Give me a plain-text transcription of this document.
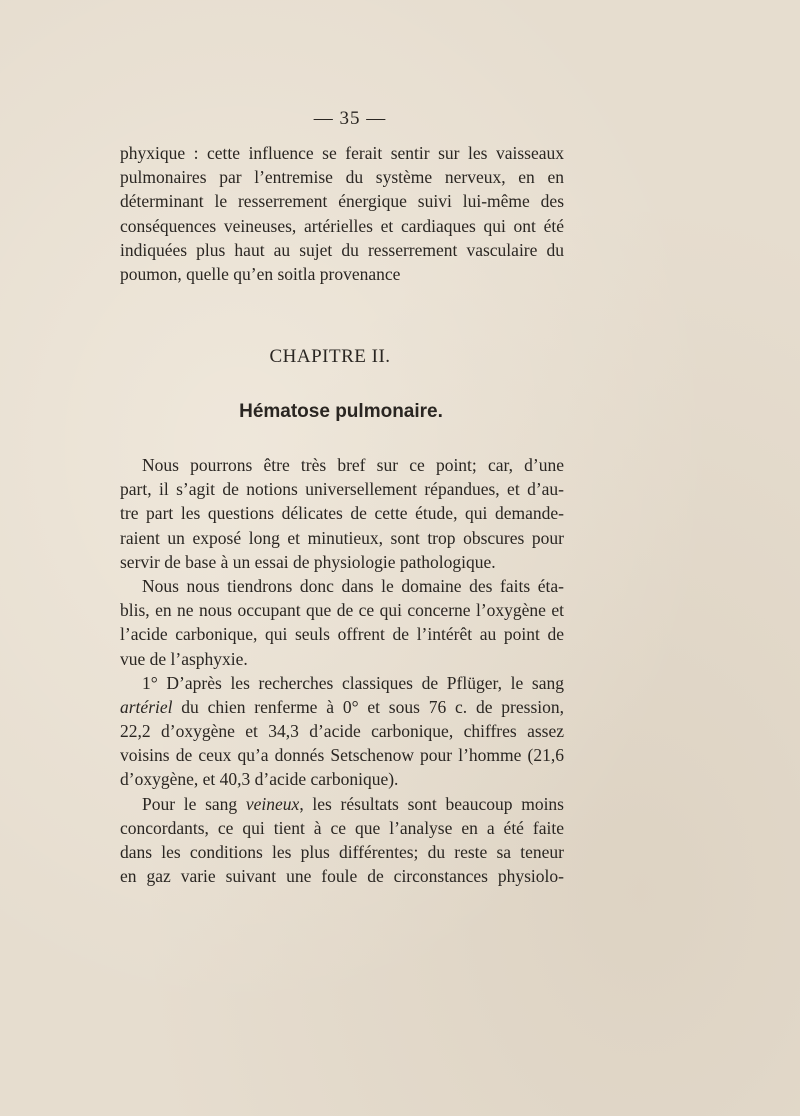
— 35 —
phyxique : cette influence se ferait sentir sur les vaisseaux
pulmonaires par l’entremise du système nerveux, en en
déterminant le resserrement énergique suivi lui-même des
conséquences veineuses, artérielles et cardiaques qui ont été
indiquées plus haut au sujet du resserrement vasculaire du
poumon, quelle qu’en soitla provenance
CHAPITRE II.
Hématose pulmonaire.
Nous pourrons être très bref sur ce point; car, d’une
part, il s’agit de notions universellement répandues, et d’au-
tre part les questions délicates de cette étude, qui demande-
raient un exposé long et minutieux, sont trop obscures pour
servir de base à un essai de physiologie pathologique.
Nous nous tiendrons donc dans le domaine des faits éta-
blis, en ne nous occupant que de ce qui concerne l’oxygène et
l’acide carbonique, qui seuls offrent de l’intérêt au point de
vue de l’asphyxie.
1° D’après les recherches classiques de Pflüger, le sang
artériel du chien renferme à 0° et sous 76 c. de pression,
22,2 d’oxygène et 34,3 d’acide carbonique, chiffres assez
voisins de ceux qu’a donnés Setschenow pour l’homme (21,6
d’oxygène, et 40,3 d’acide carbonique).
Pour le sang veineux, les résultats sont beaucoup moins
concordants, ce qui tient à ce que l’analyse en a été faite
dans les conditions les plus différentes; du reste sa teneur
en gaz varie suivant une foule de circonstances physiolo-
